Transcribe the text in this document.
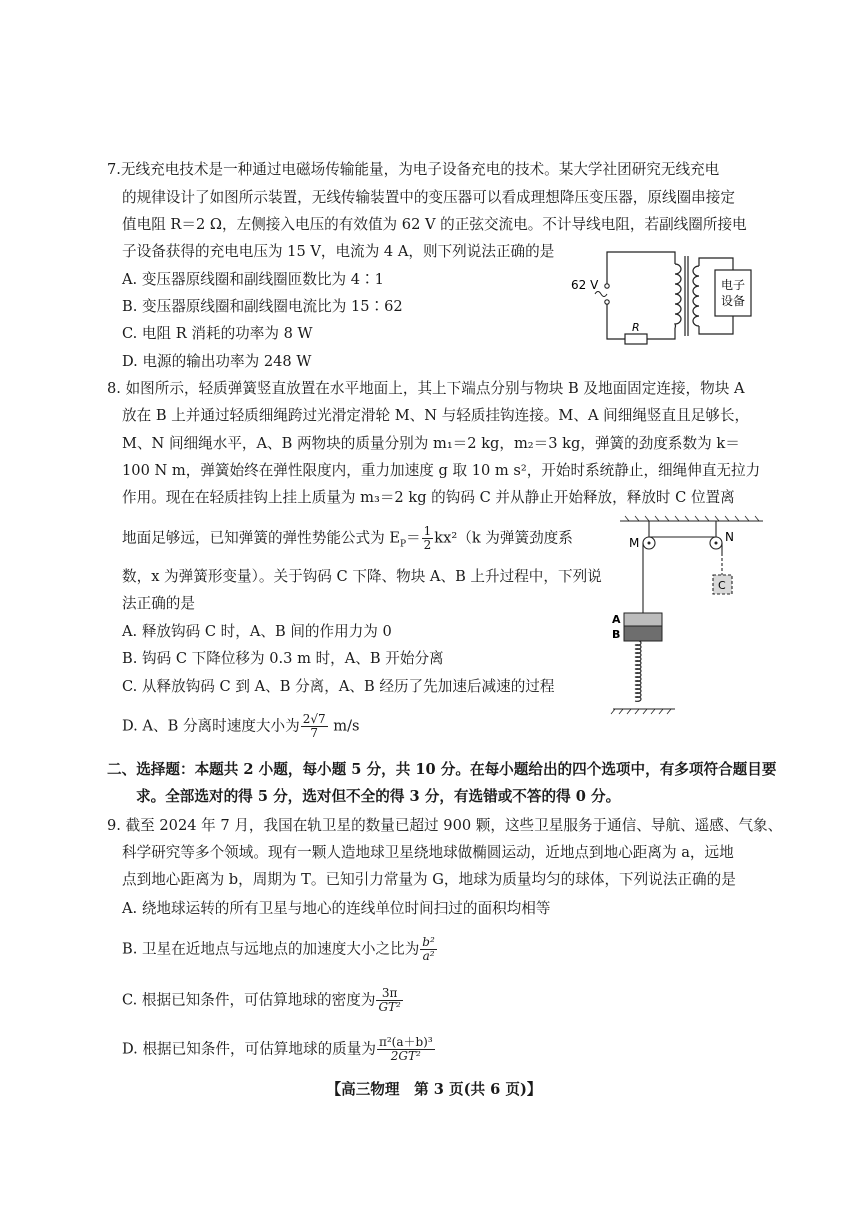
7.无线充电技术是一种通过电磁场传输能量，为电子设备充电的技术。某大学社团研究无线充电
的规律设计了如图所示装置，无线传输装置中的变压器可以看成理想降压变压器，原线圈串接定
值电阻 R＝2 Ω，左侧接入电压的有效值为 62 V 的正弦交流电。不计导线电阻，若副线圈所接电
子设备获得的充电电压为 15 V，电流为 4 A，则下列说法正确的是
A. 变压器原线圈和副线圈匝数比为 4∶1
B. 变压器原线圈和副线圈电流比为 15∶62
C. 电阻 R 消耗的功率为 8 W
D. 电源的输出功率为 248 W
62 V
R
电子
设备
8. 如图所示，轻质弹簧竖直放置在水平地面上，其上下端点分别与物块 B 及地面固定连接，物块 A
放在 B 上并通过轻质细绳跨过光滑定滑轮 M、N 与轻质挂钩连接。M、A 间细绳竖直且足够长，
M、N 间细绳水平，A、B 两物块的质量分别为 m₁＝2 kg，m₂＝3 kg，弹簧的劲度系数为 k＝
100 N m，弹簧始终在弹性限度内，重力加速度 g 取 10 m s²，开始时系统静止，细绳伸直无拉力
作用。现在在轻质挂钩上挂上质量为 m₃＝2 kg 的钩码 C 并从静止开始释放，释放时 C 位置离
地面足够远，已知弹簧的弹性势能公式为 $E_P= \frac{1}{2} kx^2(k$ 为弹簧劲度系
数，x 为弹簧形变量）。关于钩码 C 下降、物块 A、B 上升过程中，下列说
法正确的是
A. 释放钩码 C 时，A、B 间的作用力为 0
B. 钩码 C 下降位移为 0.3 m 时，A、B 开始分离
C. 从释放钩码 C 到 A、B 分离，A、B 经历了先加速后减速的过程
D. A、B 分离时速度大小为 $\frac{2√7}{7} m/s$
M	N
C
A
B
二、选择题：本题共 2 小题，每小题 5 分，共 10 分。在每小题给出的四个选项中，有多项符合题目要
求。全部选对的得 5 分，选对但不全的得 3 分，有选错或不答的得 0 分。
9. 截至 2024 年 7 月，我国在轨卫星的数量已超过 900 颗，这些卫星服务于通信、导航、遥感、气象、
科学研究等多个领域。现有一颗人造地球卫星绕地球做椭圆运动，近地点到地心距离为 a，远地
点到地心距离为 b，周期为 T。已知引力常量为 G，地球为质量均匀的球体，下列说法正确的是
A. 绕地球运转的所有卫星与地心的连线单位时间扫过的面积均相等
B. 卫星在近地点与远地点的加速度大小之比为 $\frac{\text{b²}}{\text{a²}}$
C. 根据已知条件，可估算地球的密度为 $\frac{3\pi}{\text{GT²}}$
D. 根据已知条件，可估算地球的质量为 $\frac{\text{π²(a＋b)³}}{\text{2GT²}}$
【高三物理　第 3 页(共 6 页)】
